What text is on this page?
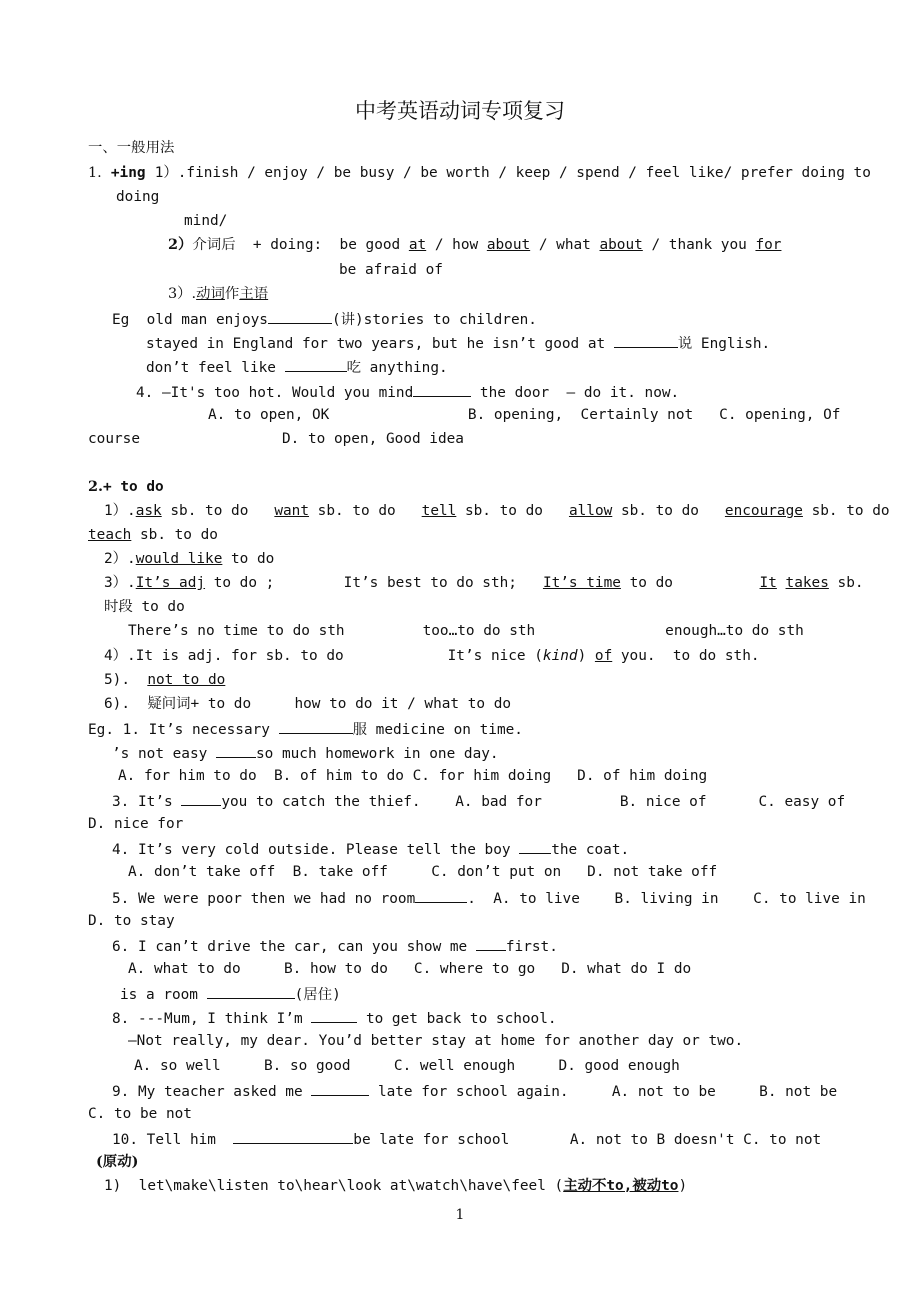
中考英语动词专项复习
一、一般用法
1. +ing 1）.finish / enjoy / be busy / be worth / keep / spend / feel like/ prefer doing to
doing
mind/
2）介词后  + doing:  be good at / how about / what about / thank you for
be afraid of
3）.动词作主语
Eg old man enjoys	(讲)stories to children.
stayed in England for two years, but he isn’t good at	说 English.
don’t feel like	吃 anything.
4. —It's too hot. Would you mind	the door  — do it. now.
A. to open, OK                B. opening,  Certainly not   C. opening, Of
course	D. to open, Good idea
2.+ to do
1）.ask sb. to do   want sb. to do   tell sb. to do   allow sb. to do   encourage sb. to do
teach sb. to do
2）.would like to do
3）.It’s adj to do ;        It’s best to do sth;   It’s time to do          It takes sb.
时段 to do
There’s no time to do sth         too…to do sth               enough…to do sth
4）.It is adj. for sb. to do            It’s nice (kind) of you.  to do sth.
5).  not to do
6).  疑问词+ to do     how to do it / what to do
Eg. 1. It’s necessary	服 medicine on time.
’s not easy	so much homework in one day.
A. for him to do  B. of him to do C. for him doing   D. of him doing
3. It’s	you to catch the thief.    A. bad for         B. nice of      C. easy of
D. nice for
4. It’s very cold outside. Please tell the boy the coat.
A. don’t take off  B. take off     C. don’t put on   D. not take off
5. We were poor then we had no room	.  A. to live    B. living in    C. to live in
D. to stay
6. I can’t drive the car, can you show me first.
A. what to do     B. how to do   C. where to go   D. what do I do
is a room	(居住)
8. ---Mum, I think I’m	to get back to school.
—Not really, my dear. You’d better stay at home for another day or two.
A. so well     B. so good     C. well enough     D. good enough
9. My teacher asked me	late for school again.     A. not to be     B. not be
C. to be not
10. Tell him	be late for school       A. not to B doesn't C. to not
(原动)
1)  let\make\listen to\hear\look at\watch\have\feel (主动不to,被动to)
1
